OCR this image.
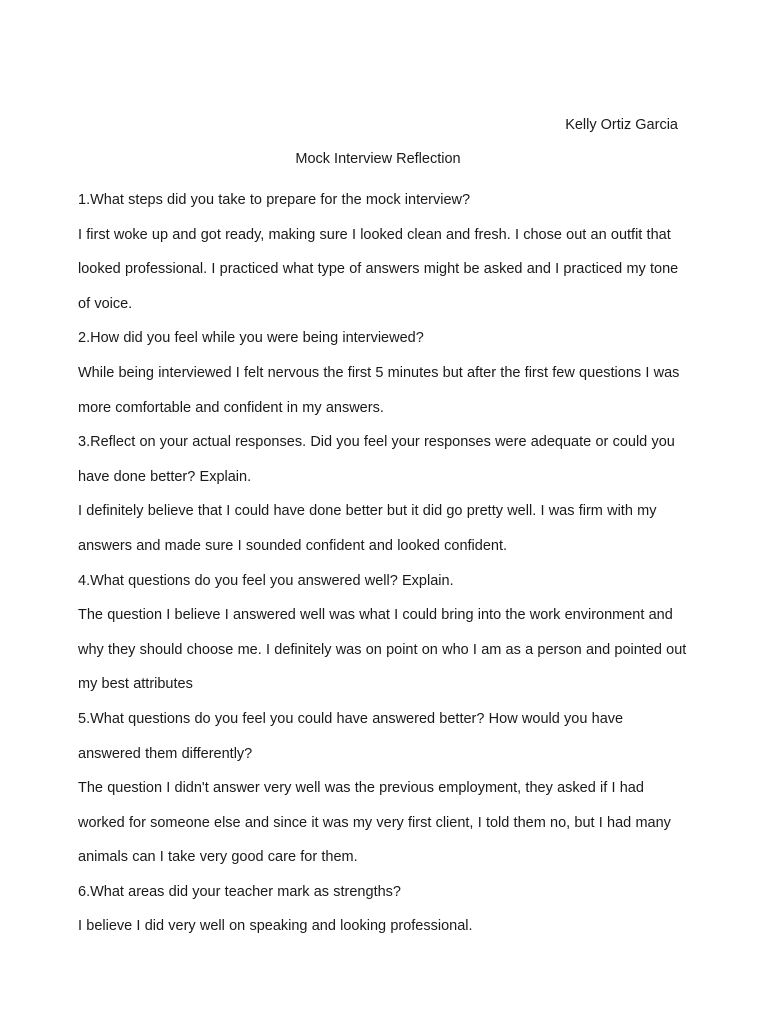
Kelly Ortiz Garcia
Mock Interview Reflection

1.What steps did you take to prepare for the mock interview?

I first woke up and got ready, making sure I looked clean and fresh. I chose out an outfit that looked professional. I practiced what type of answers might be asked and I practiced my tone of voice.

2.How did you feel while you were being interviewed?

While being interviewed I felt nervous the first 5 minutes but after the first few questions I was more comfortable and confident in my answers.

3.Reflect on your actual responses. Did you feel your responses were adequate or could you have done better? Explain.

I definitely believe that I could have done better but it did go pretty well. I was firm with my answers and made sure I sounded confident and looked confident.

4.What questions do you feel you answered well? Explain.

The question I believe I answered well was what I could bring into the work environment and why they should choose me. I definitely was on point on who I am as a person and pointed out my best attributes

5.What questions do you feel you could have answered better? How would you have answered them differently?

The question I didn't answer very well was the previous employment, they asked if I had worked for someone else and since it was my very first client, I told them no, but I had many animals can I take very good care for them.

6.What areas did your teacher mark as strengths?

I believe I did very well on speaking and looking professional.
